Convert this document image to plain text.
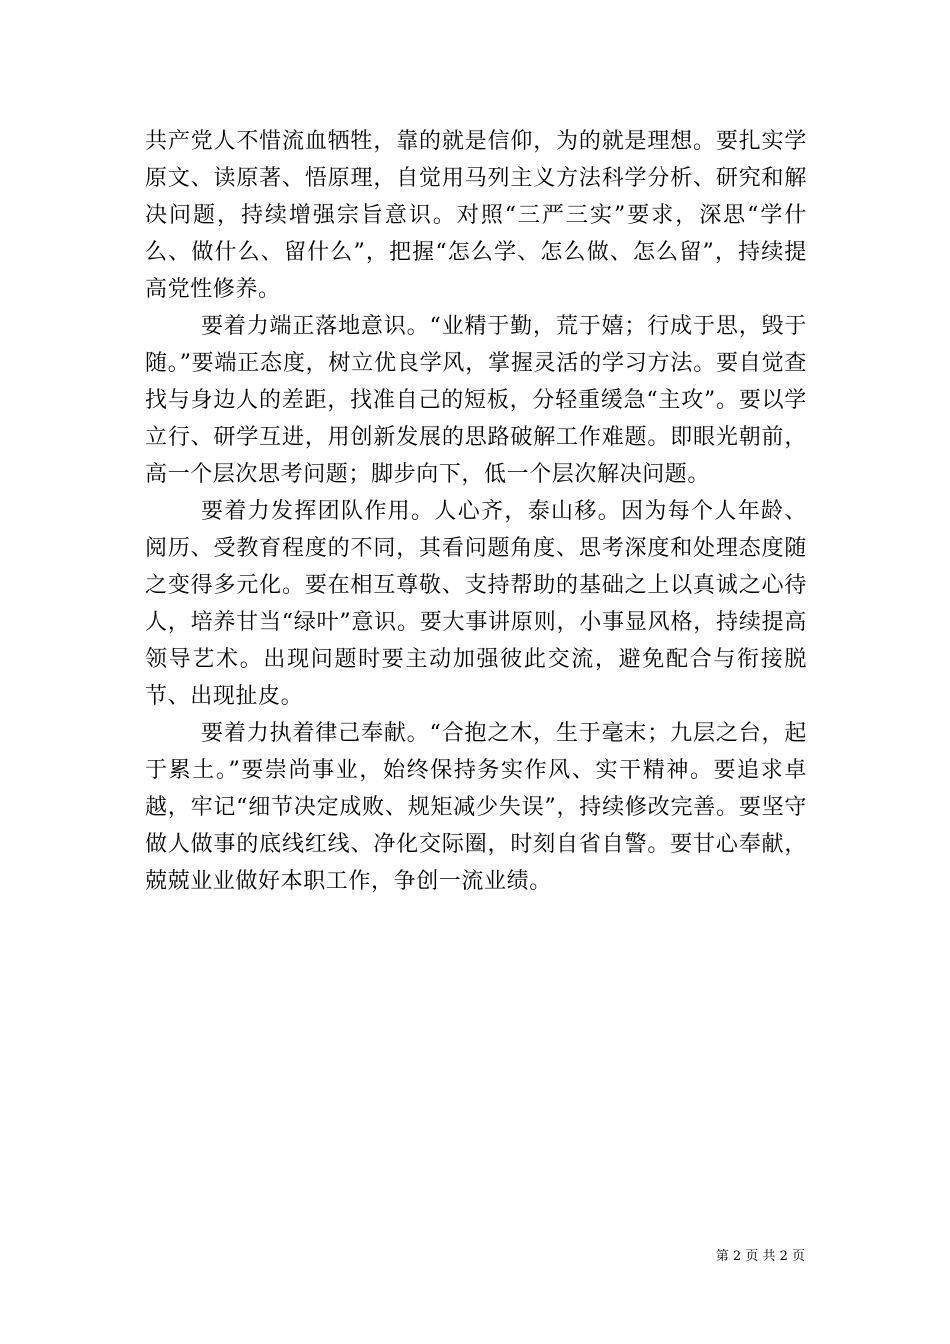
共产党人不惜流血牺牲，靠的就是信仰，为的就是理想。要扎实学原文、读原著、悟原理，自觉用马列主义方法科学分析、研究和解决问题，持续增强宗旨意识。对照“三严三实”要求，深思“学什么、做什么、留什么”，把握“怎么学、怎么做、怎么留”，持续提高党性修养。

要着力端正落地意识。“业精于勤，荒于嬉；行成于思，毁于随。”要端正态度，树立优良学风，掌握灵活的学习方法。要自觉查找与身边人的差距，找准自己的短板，分轻重缓急“主攻”。要以学立行、研学互进，用创新发展的思路破解工作难题。即眼光朝前，高一个层次思考问题；脚步向下，低一个层次解决问题。

要着力发挥团队作用。人心齐，泰山移。因为每个人年龄、阅历、受教育程度的不同，其看问题角度、思考深度和处理态度随之变得多元化。要在相互尊敬、支持帮助的基础之上以真诚之心待人，培养甘当“绿叶”意识。要大事讲原则，小事显风格，持续提高领导艺术。出现问题时要主动加强彼此交流，避免配合与衔接脱节、出现扯皮。

要着力执着律己奉献。“合抱之木，生于毫末；九层之台，起于累土。”要崇尚事业，始终保持务实作风、实干精神。要追求卓越，牢记“细节决定成败、规矩减少失误”，持续修改完善。要坚守做人做事的底线红线、净化交际圈，时刻自省自警。要甘心奉献，兢兢业业做好本职工作，争创一流业绩。

第 2 页 共 2 页
